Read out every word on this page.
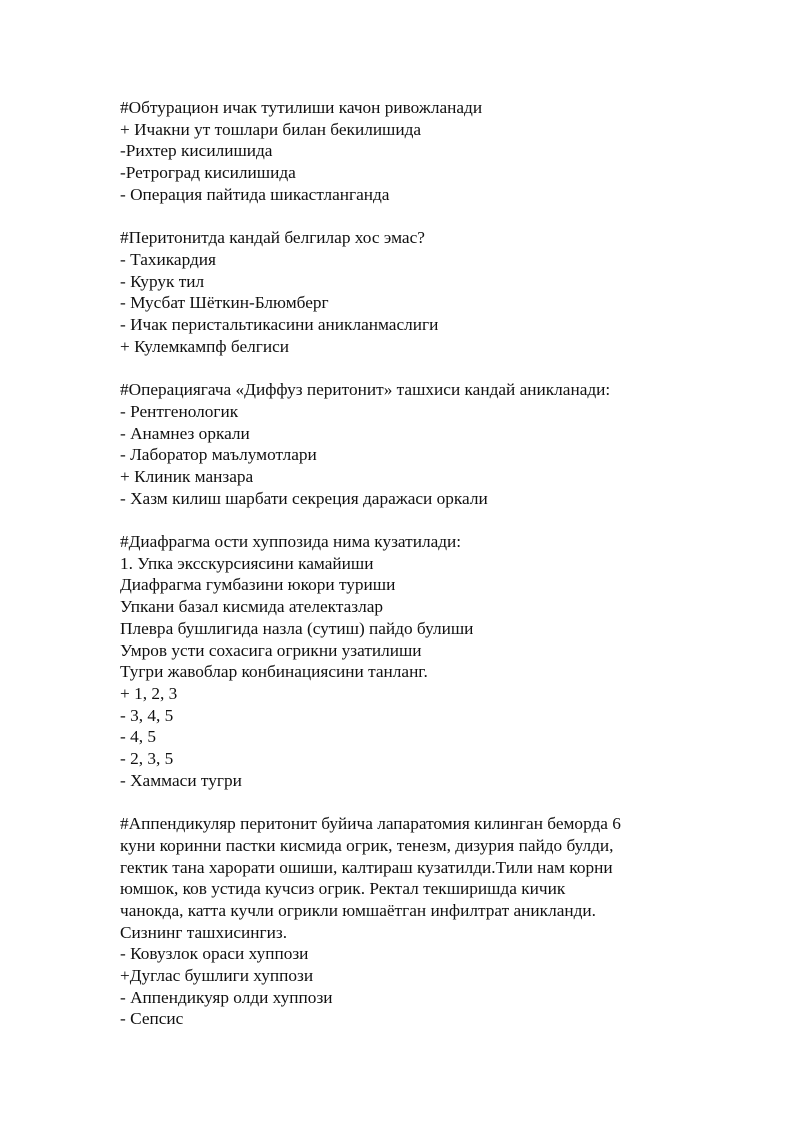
#Обтурацион ичак тутилиши качон ривожланади
+ Ичакни ут тошлари билан бекилишида
-Рихтер кисилишида
-Ретроград кисилишида
- Операция пайтида шикастланганда
#Перитонитда кандай белгилар хос эмас?
- Тахикардия
- Курук тил
- Мусбат Шёткин-Блюмберг
- Ичак перистальтикасини аникланмаслиги
+ Кулемкампф белгиси
#Операциягача «Диффуз перитонит» ташхиси кандай аникланади:
- Рентгенологик
- Анамнез оркали
- Лаборатор маълумотлари
+ Клиник манзара
- Хазм килиш шарбати секреция даражаси оркали
#Диафрагма ости хуппозида нима кузатилади:
1. Упка эксскурсиясини камайиши
Диафрагма гумбазини юкори туриши
Упкани базал кисмида ателектазлар
Плевра бушлигида назла (сутиш) пайдо булиши
Умров усти сохасига огрикни узатилиши
Тугри жавоблар конбинациясини танланг.
+ 1, 2, 3
- 3, 4, 5
- 4, 5
- 2, 3, 5
- Хаммаси тугри
#Аппендикуляр перитонит буйича лапаратомия килинган беморда 6
куни коринни пастки кисмида огрик, тенезм, дизурия пайдо булди,
гектик тана харорати ошиши, калтираш кузатилди.Тили нам корни
юмшок, ков устида кучсиз огрик. Ректал текширишда кичик
чанокда, катта кучли огрикли юмшаётган инфилтрат аникланди.
Сизнинг ташхисингиз.
- Ковузлок ораси хуппози
+Дуглас бушлиги хуппози
- Аппендикуяр олди хуппози
- Сепсис
